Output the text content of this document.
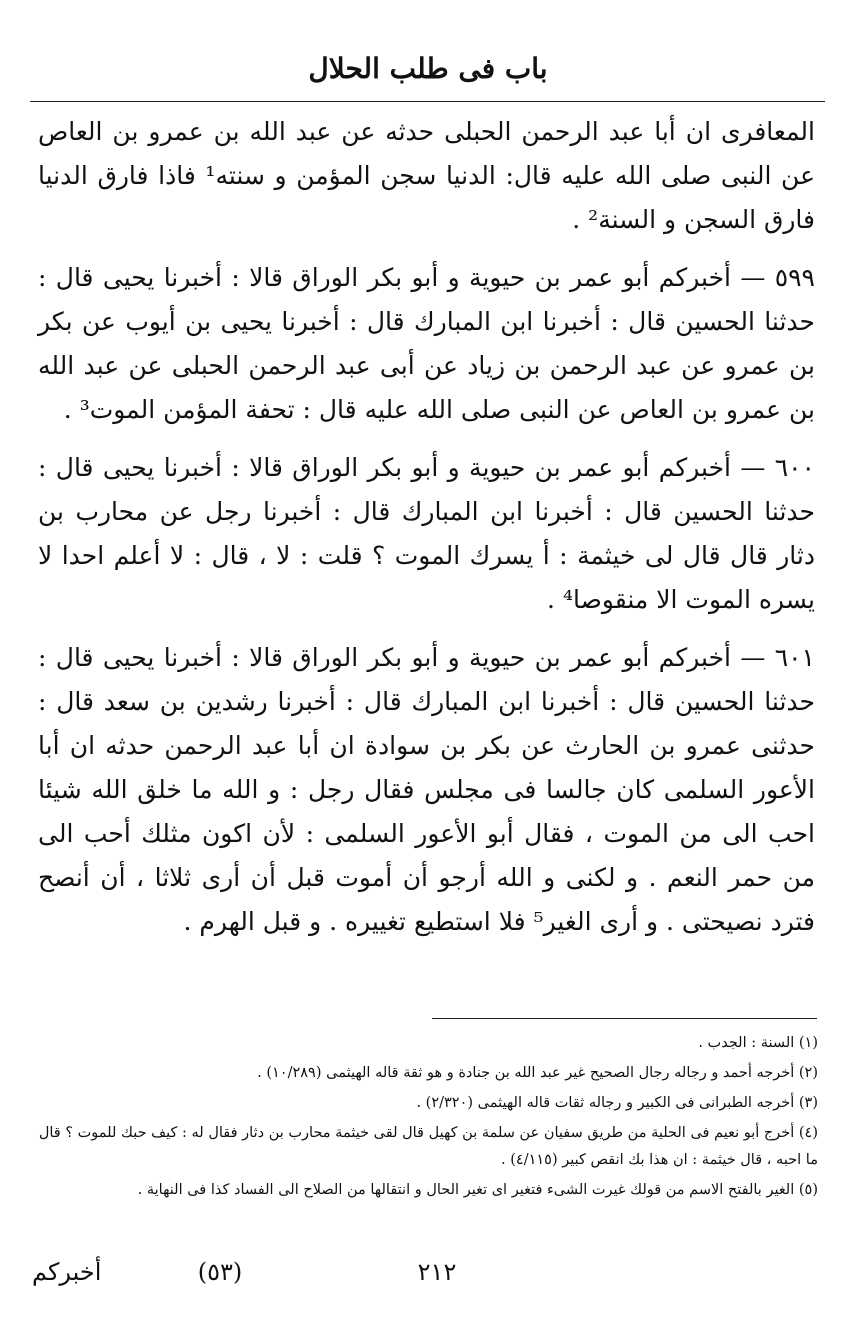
باب فى طلب الحلال

المعافرى ان أبا عبد الرحمن الحبلى حدثه عن عبد الله بن عمرو بن العاص عن النبى صلى الله عليه قال: الدنيا سجن المؤمن و سنته¹ فاذا فارق الدنيا فارق السجن و السنة² .

٥٩٩ — أخبركم أبو عمر بن حيوية و أبو بكر الوراق قالا : أخبرنا يحيى قال : حدثنا الحسين قال : أخبرنا ابن المبارك قال : أخبرنا يحيى بن أيوب عن بكر بن عمرو عن عبد الرحمن بن زياد عن أبى عبد الرحمن الحبلى عن عبد الله بن عمرو بن العاص عن النبى صلى الله عليه قال : تحفة المؤمن الموت³ .

٦٠٠ — أخبركم أبو عمر بن حيوية و أبو بكر الوراق قالا : أخبرنا يحيى قال : حدثنا الحسين قال : أخبرنا ابن المبارك قال : أخبرنا رجل عن محارب بن دثار قال قال لى خيثمة : أ يسرك الموت ؟ قلت : لا ، قال : لا أعلم احدا لا يسره الموت الا منقوصا⁴ .

٦٠١ — أخبركم أبو عمر بن حيوية و أبو بكر الوراق قالا : أخبرنا يحيى قال : حدثنا الحسين قال : أخبرنا ابن المبارك قال : أخبرنا رشدين بن سعد قال : حدثنى عمرو بن الحارث عن بكر بن سوادة ان أبا عبد الرحمن حدثه ان أبا الأعور السلمى كان جالسا فى مجلس فقال رجل : و الله ما خلق الله شيئا احب الى من الموت ، فقال أبو الأعور السلمى : لأن اكون مثلك أحب الى من حمر النعم . و لكنى و الله أرجو أن أموت قبل أن أرى ثلاثا ، أن أنصح فترد نصيحتى . و أرى الغير⁵ فلا استطيع تغييره . و قبل الهرم .

(١) السنة : الجدب .

(٢) أخرجه أحمد و رجاله رجال الصحيح غير عبد الله بن جنادة و هو ثقة قاله الهيثمى (١٠/٢٨٩) .

(٣) أخرجه الطبرانى فى الكبير و رجاله ثقات قاله الهيثمى (٢/٣٢٠) .

(٤) أخرج أبو نعيم فى الحلية من طريق سفيان عن سلمة بن كهيل قال لقى خيثمة محارب بن دثار فقال له : كيف حبك للموت ؟ قال ما احبه ، قال خيثمة : ان هذا بك انقص كبير (٤/١١٥) .

(٥) الغير بالفتح الاسم من قولك غيرت الشىء فتغير اى تغير الحال و انتقالها من الصلاح الى الفساد كذا فى النهاية .

٢١٢
(٥٣)
أخبركم
